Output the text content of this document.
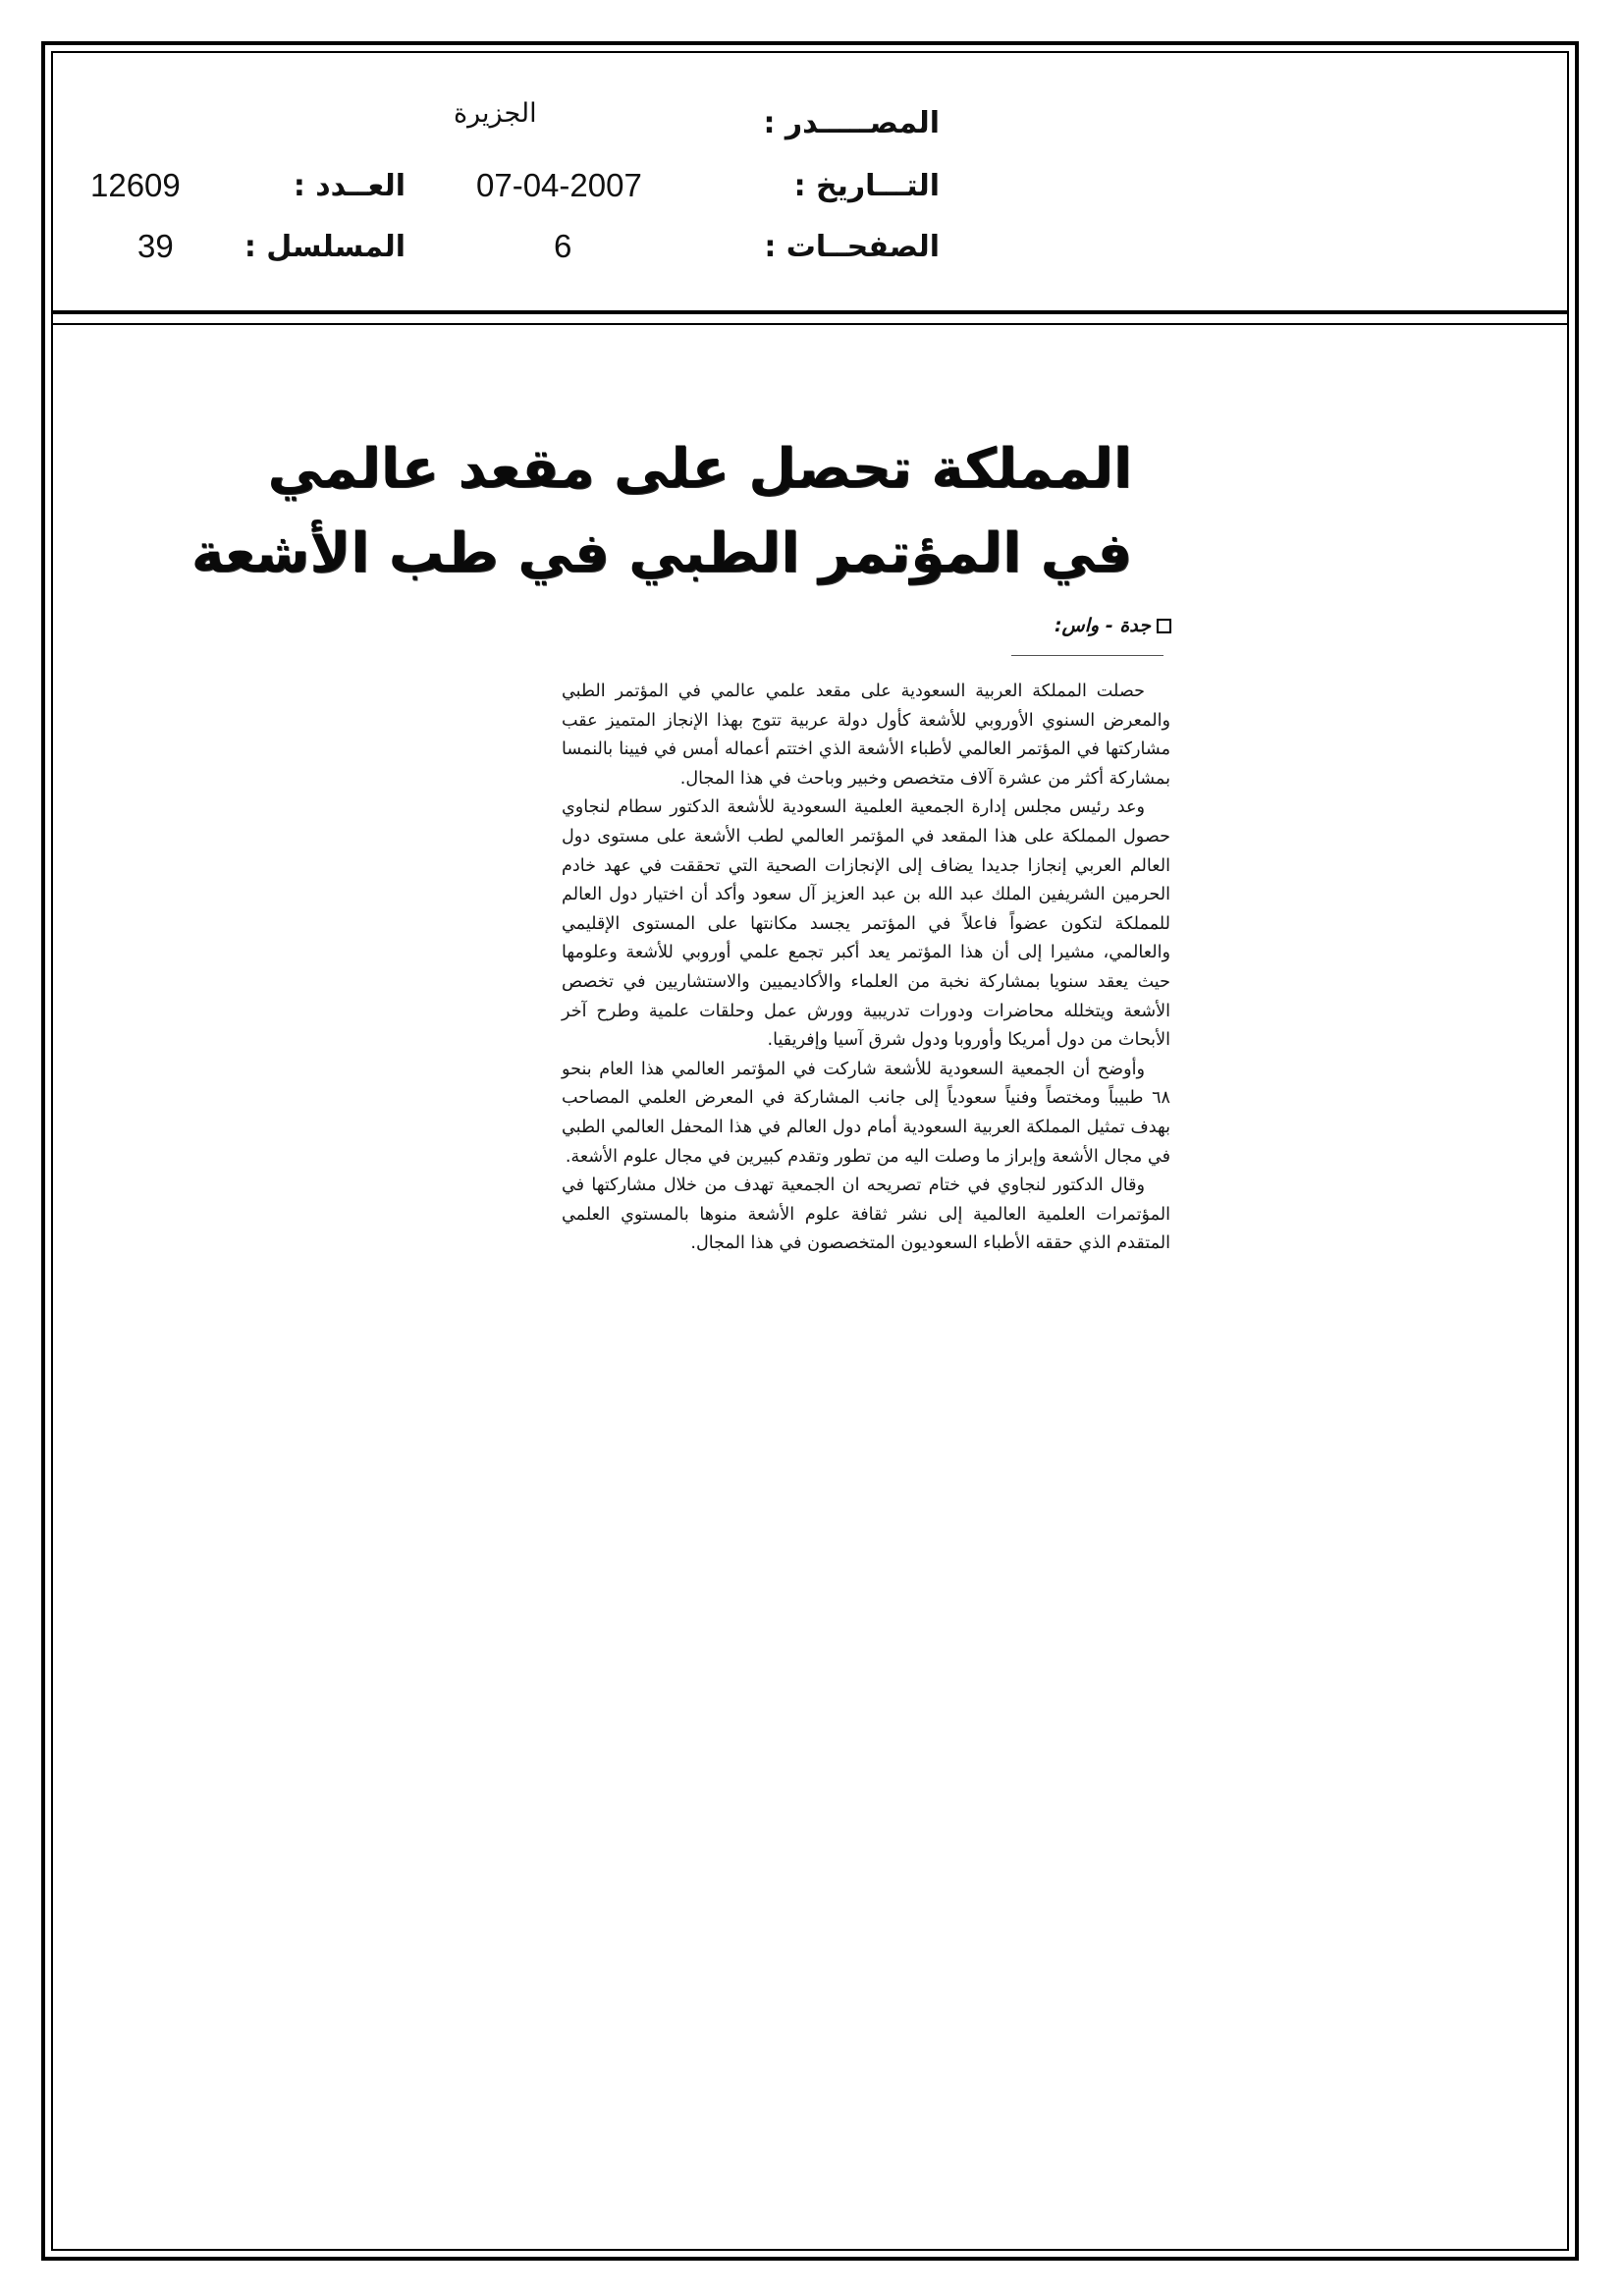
المصـــــدر :
الجزيرة
التـــاريخ :
07-04-2007
العــدد :
12609
الصفحــات :
6
المسلسل :
39
المملكة تحصل على مقعد عالمي
في المؤتمر الطبي في طب الأشعة
جدة - واس:

حصلت المملكة العربية السعودية على مقعد علمي عالمي في المؤتمر الطبي والمعرض السنوي الأوروبي للأشعة كأول دولة عربية تتوج بهذا الإنجاز المتميز عقب مشاركتها في المؤتمر العالمي لأطباء الأشعة الذي اختتم أعماله أمس في فيينا بالنمسا بمشاركة أكثر من عشرة آلاف متخصص وخبير وباحث في هذا المجال.

وعد رئيس مجلس إدارة الجمعية العلمية السعودية للأشعة الدكتور سطام لنجاوي حصول المملكة على هذا المقعد في المؤتمر العالمي لطب الأشعة على مستوى دول العالم العربي إنجازا جديدا يضاف إلى الإنجازات الصحية التي تحققت في عهد خادم الحرمين الشريفين الملك عبد الله بن عبد العزيز آل سعود وأكد أن اختيار دول العالم للمملكة لتكون عضواً فاعلاً في المؤتمر يجسد مكانتها على المستوى الإقليمي والعالمي، مشيرا إلى أن هذا المؤتمر يعد أكبر تجمع علمي أوروبي للأشعة وعلومها حيث يعقد سنويا بمشاركة نخبة من العلماء والأكاديميين والاستشاريين في تخصص الأشعة ويتخلله محاضرات ودورات تدريبية وورش عمل وحلقات علمية وطرح آخر الأبحاث من دول أمريكا وأوروبا ودول شرق آسيا وإفريقيا.

وأوضح أن الجمعية السعودية للأشعة شاركت في المؤتمر العالمي هذا العام بنحو ٦٨ طبيباً ومختصاً وفنياً سعودياً إلى جانب المشاركة في المعرض العلمي المصاحب بهدف تمثيل المملكة العربية السعودية أمام دول العالم في هذا المحفل العالمي الطبي في مجال الأشعة وإبراز ما وصلت اليه من تطور وتقدم كبيرين في مجال علوم الأشعة.

وقال الدكتور لنجاوي في ختام تصريحه ان الجمعية تهدف من خلال مشاركتها في المؤتمرات العلمية العالمية إلى نشر ثقافة علوم الأشعة منوها بالمستوي العلمي المتقدم الذي حققه الأطباء السعوديون المتخصصون في هذا المجال.
